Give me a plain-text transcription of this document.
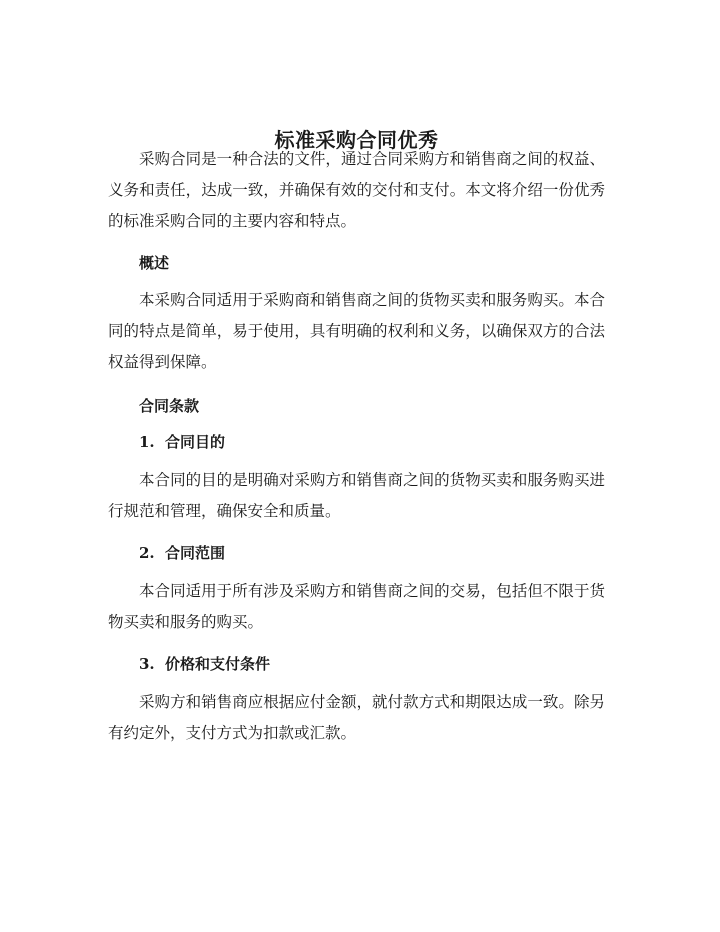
标准采购合同优秀

采购合同是一种合法的文件，通过合同采购方和销售商之间的权益、义务和责任，达成一致，并确保有效的交付和支付。本文将介绍一份优秀的标准采购合同的主要内容和特点。

概述

本采购合同适用于采购商和销售商之间的货物买卖和服务购买。本合同的特点是简单，易于使用，具有明确的权利和义务，以确保双方的合法权益得到保障。

合同条款
1. 合同目的

本合同的目的是明确对采购方和销售商之间的货物买卖和服务购买进行规范和管理，确保安全和质量。

2. 合同范围

本合同适用于所有涉及采购方和销售商之间的交易，包括但不限于货物买卖和服务的购买。

3. 价格和支付条件

采购方和销售商应根据应付金额，就付款方式和期限达成一致。除另有约定外，支付方式为扣款或汇款。
